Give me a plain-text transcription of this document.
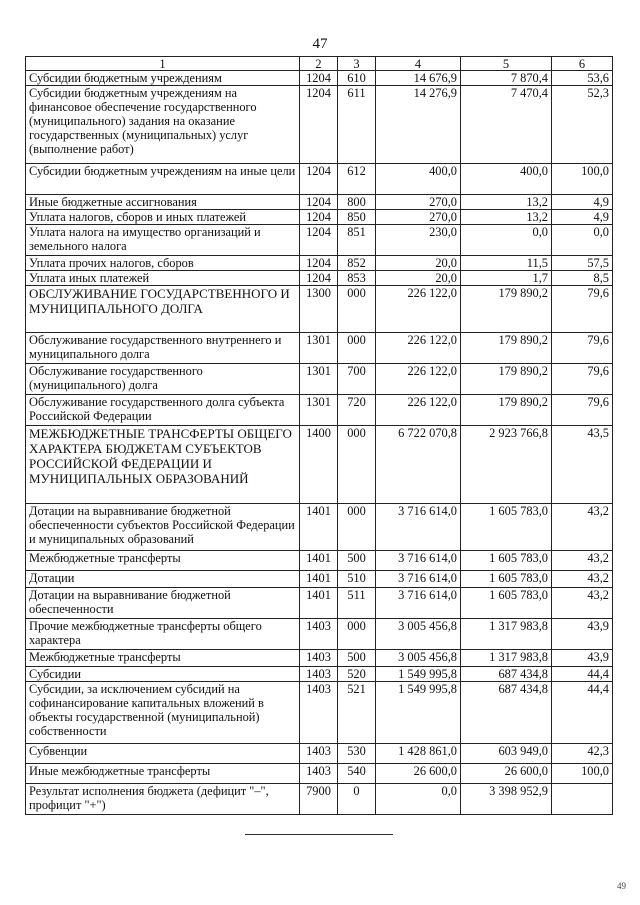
47
1	2	3	4	5	6
Субсидии бюджетным учреждениям	1204	610	14 676,9	7 870,4	53,6
Субсидии бюджетным учреждениям на финансовое обеспечение государственного (муниципального) задания на оказание государственных (муниципальных) услуг (выполнение работ)	1204	611	14 276,9	7 470,4	52,3
Субсидии бюджетным учреждениям на иные цели	1204	612	400,0	400,0	100,0
Иные бюджетные ассигнования	1204	800	270,0	13,2	4,9
Уплата налогов, сборов и иных платежей	1204	850	270,0	13,2	4,9
Уплата налога на имущество организаций и земельного налога	1204	851	230,0	0,0	0,0
Уплата прочих налогов, сборов	1204	852	20,0	11,5	57,5
Уплата иных платежей	1204	853	20,0	1,7	8,5
ОБСЛУЖИВАНИЕ ГОСУДАРСТВЕННОГО И МУНИЦИПАЛЬНОГО ДОЛГА	1300	000	226 122,0	179 890,2	79,6
Обслуживание государственного внутреннего и муниципального долга	1301	000	226 122,0	179 890,2	79,6
Обслуживание государственного (муниципального) долга	1301	700	226 122,0	179 890,2	79,6
Обслуживание государственного долга субъекта Российской Федерации	1301	720	226 122,0	179 890,2	79,6
МЕЖБЮДЖЕТНЫЕ ТРАНСФЕРТЫ ОБЩЕГО ХАРАКТЕРА БЮДЖЕТАМ СУБЪЕКТОВ РОССИЙСКОЙ ФЕДЕРАЦИИ И МУНИЦИПАЛЬНЫХ ОБРАЗОВАНИЙ	1400	000	6 722 070,8	2 923 766,8	43,5
Дотации на выравнивание бюджетной обеспеченности субъектов Российской Федерации и муниципальных образований	1401	000	3 716 614,0	1 605 783,0	43,2
Межбюджетные трансферты	1401	500	3 716 614,0	1 605 783,0	43,2
Дотации	1401	510	3 716 614,0	1 605 783,0	43,2
Дотации на выравнивание бюджетной обеспеченности	1401	511	3 716 614,0	1 605 783,0	43,2
Прочие межбюджетные трансферты общего характера	1403	000	3 005 456,8	1 317 983,8	43,9
Межбюджетные трансферты	1403	500	3 005 456,8	1 317 983,8	43,9
Субсидии	1403	520	1 549 995,8	687 434,8	44,4
Субсидии, за исключением субсидий на софинансирование капитальных вложений в объекты государственной (муниципальной) собственности	1403	521	1 549 995,8	687 434,8	44,4
Субвенции	1403	530	1 428 861,0	603 949,0	42,3
Иные межбюджетные трансферты	1403	540	26 600,0	26 600,0	100,0
Результат исполнения бюджета (дефицит "–", профицит "+")	7900	0	0,0	3 398 952,9	
49
